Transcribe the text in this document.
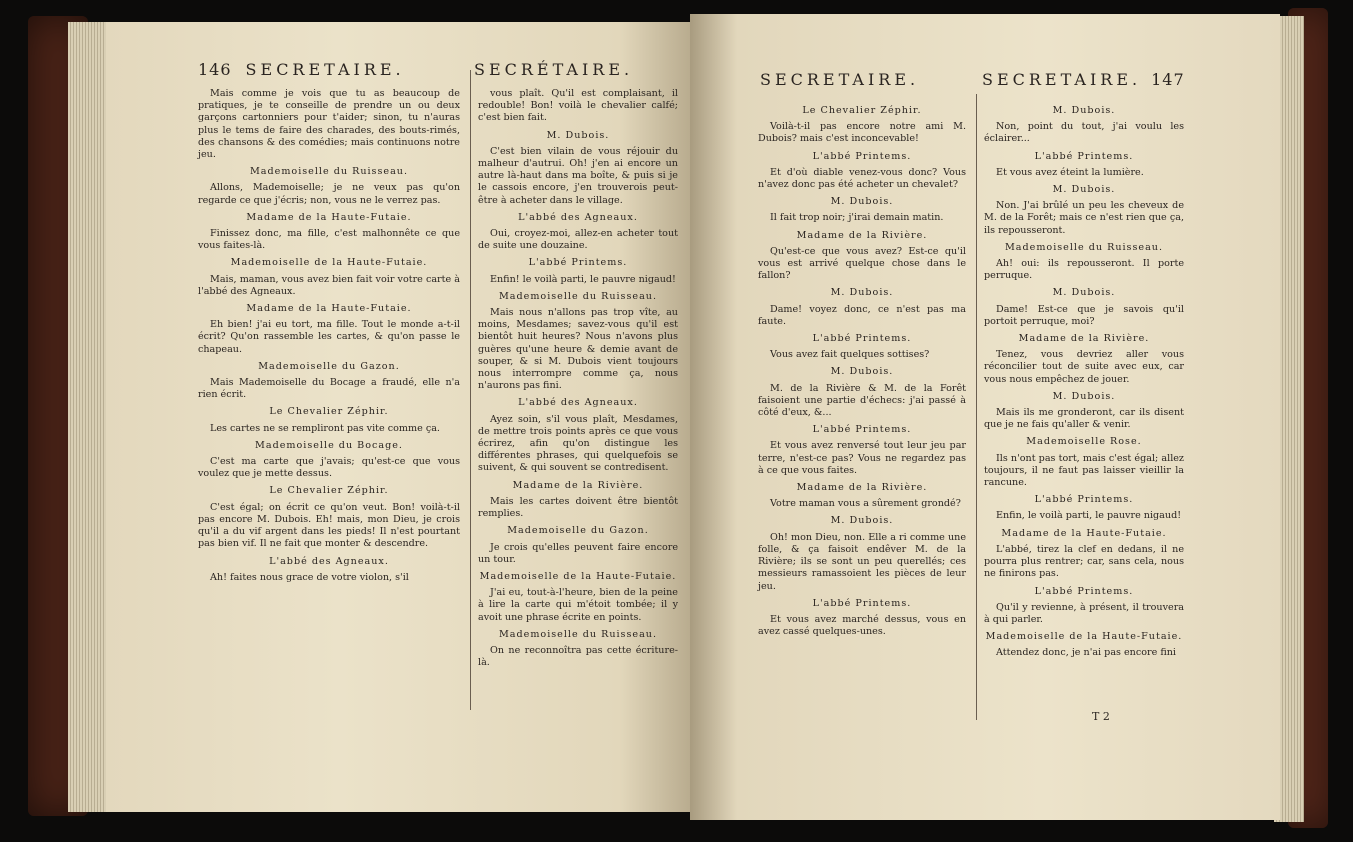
146 SECRETAIRE.	SECRÉTAIRE.

Mais comme je vois que tu as beaucoup de pratiques, je te conseille de prendre un ou deux garçons cartonniers pour t'aider; sinon, tu n'auras plus le tems de faire des charades, des bouts-rimés, des chansons & des comédies; mais continuons notre jeu.

Mademoiselle du Ruisseau.

Allons, Mademoiselle; je ne veux pas qu'on regarde ce que j'écris; non, vous ne le verrez pas.

Madame de la Haute-Futaie.

Finissez donc, ma fille, c'est malhonnête ce que vous faites-là.

Mademoiselle de la Haute-Futaie.

Mais, maman, vous avez bien fait voir votre carte à l'abbé des Agneaux.

Madame de la Haute-Futaie.

Eh bien! j'ai eu tort, ma fille. Tout le monde a-t-il écrit? Qu'on rassemble les cartes, & qu'on passe le chapeau.

Mademoiselle du Gazon.

Mais Mademoiselle du Bocage a fraudé, elle n'a rien écrit.

Le Chevalier Zéphir.

Les cartes ne se rempliront pas vite comme ça.

Mademoiselle du Bocage.

C'est ma carte que j'avais; qu'est-ce que vous voulez que je mette dessus.

Le Chevalier Zéphir.

C'est égal; on écrit ce qu'on veut. Bon! voilà-t-il pas encore M. Dubois. Eh! mais, mon Dieu, je crois qu'il a du vif argent dans les pieds! Il n'est pourtant pas bien vif. Il ne fait que monter & descendre.

L'abbé des Agneaux.

Ah! faites nous grace de votre violon, s'il

vous plaît. Qu'il est complaisant, il redouble! Bon! voilà le chevalier calfé; c'est bien fait.

M. Dubois.

C'est bien vilain de vous réjouir du malheur d'autrui. Oh! j'en ai encore un autre là-haut dans ma boîte, & puis si je le cassois encore, j'en trouverois peut-être à acheter dans le village.

L'abbé des Agneaux.

Oui, croyez-moi, allez-en acheter tout de suite une douzaine.

L'abbé Printems.

Enfin! le voilà parti, le pauvre nigaud!

Mademoiselle du Ruisseau.

Mais nous n'allons pas trop vîte, au moins, Mesdames; savez-vous qu'il est bientôt huit heures? Nous n'avons plus guères qu'une heure & demie avant de souper, & si M. Dubois vient toujours nous interrompre comme ça, nous n'aurons pas fini.

L'abbé des Agneaux.

Ayez soin, s'il vous plaît, Mesdames, de mettre trois points après ce que vous écrirez, afin qu'on distingue les différentes phrases, qui quelquefois se suivent, & qui souvent se contredisent.

Madame de la Rivière.

Mais les cartes doivent être bientôt remplies.

Mademoiselle du Gazon.

Je crois qu'elles peuvent faire encore un tour.

Mademoiselle de la Haute-Futaie.

J'ai eu, tout-à-l'heure, bien de la peine à lire la carte qui m'étoit tombée; il y avoit une phrase écrite en points.

Mademoiselle du Ruisseau.

On ne reconnoîtra pas cette écriture-là.

SECRETAIRE.	SECRETAIRE. 147
Le Chevalier Zéphir.

Voilà-t-il pas encore notre ami M. Dubois? mais c'est inconcevable!

L'abbé Printems.

Et d'où diable venez-vous donc? Vous n'avez donc pas été acheter un chevalet?

M. Dubois.

Il fait trop noir; j'irai demain matin.

Madame de la Rivière.

Qu'est-ce que vous avez? Est-ce qu'il vous est arrivé quelque chose dans le fallon?

M. Dubois.

Dame! voyez donc, ce n'est pas ma faute.

L'abbé Printems.

Vous avez fait quelques sottises?

M. Dubois.

M. de la Rivière & M. de la Forêt faisoient une partie d'échecs: j'ai passé à côté d'eux, &...

L'abbé Printems.

Et vous avez renversé tout leur jeu par terre, n'est-ce pas? Vous ne regardez pas à ce que vous faites.

Madame de la Rivière.

Votre maman vous a sûrement grondé?

M. Dubois.

Oh! mon Dieu, non. Elle a ri comme une folle, & ça faisoit endêver M. de la Rivière; ils se sont un peu querellés; ces messieurs ramassoient les pièces de leur jeu.

L'abbé Printems.

Et vous avez marché dessus, vous en avez cassé quelques-unes.

M. Dubois.

Non, point du tout, j'ai voulu les éclairer...

L'abbé Printems.

Et vous avez éteint la lumière.

M. Dubois.

Non. J'ai brûlé un peu les cheveux de M. de la Forêt; mais ce n'est rien que ça, ils repousseront.

Mademoiselle du Ruisseau.

Ah! oui: ils repousseront. Il porte perruque.

M. Dubois.

Dame! Est-ce que je savois qu'il portoit perruque, moi?

Madame de la Rivière.

Tenez, vous devriez aller vous réconcilier tout de suite avec eux, car vous nous empêchez de jouer.

M. Dubois.

Mais ils me gronderont, car ils disent que je ne fais qu'aller & venir.

Mademoiselle Rose.

Ils n'ont pas tort, mais c'est égal; allez toujours, il ne faut pas laisser vieillir la rancune.

L'abbé Printems.

Enfin, le voilà parti, le pauvre nigaud!

Madame de la Haute-Futaie.

L'abbé, tirez la clef en dedans, il ne pourra plus rentrer; car, sans cela, nous ne finirons pas.

L'abbé Printems.

Qu'il y revienne, à présent, il trouvera à qui parler.

Mademoiselle de la Haute-Futaie.

Attendez donc, je n'ai pas encore fini

T 2
